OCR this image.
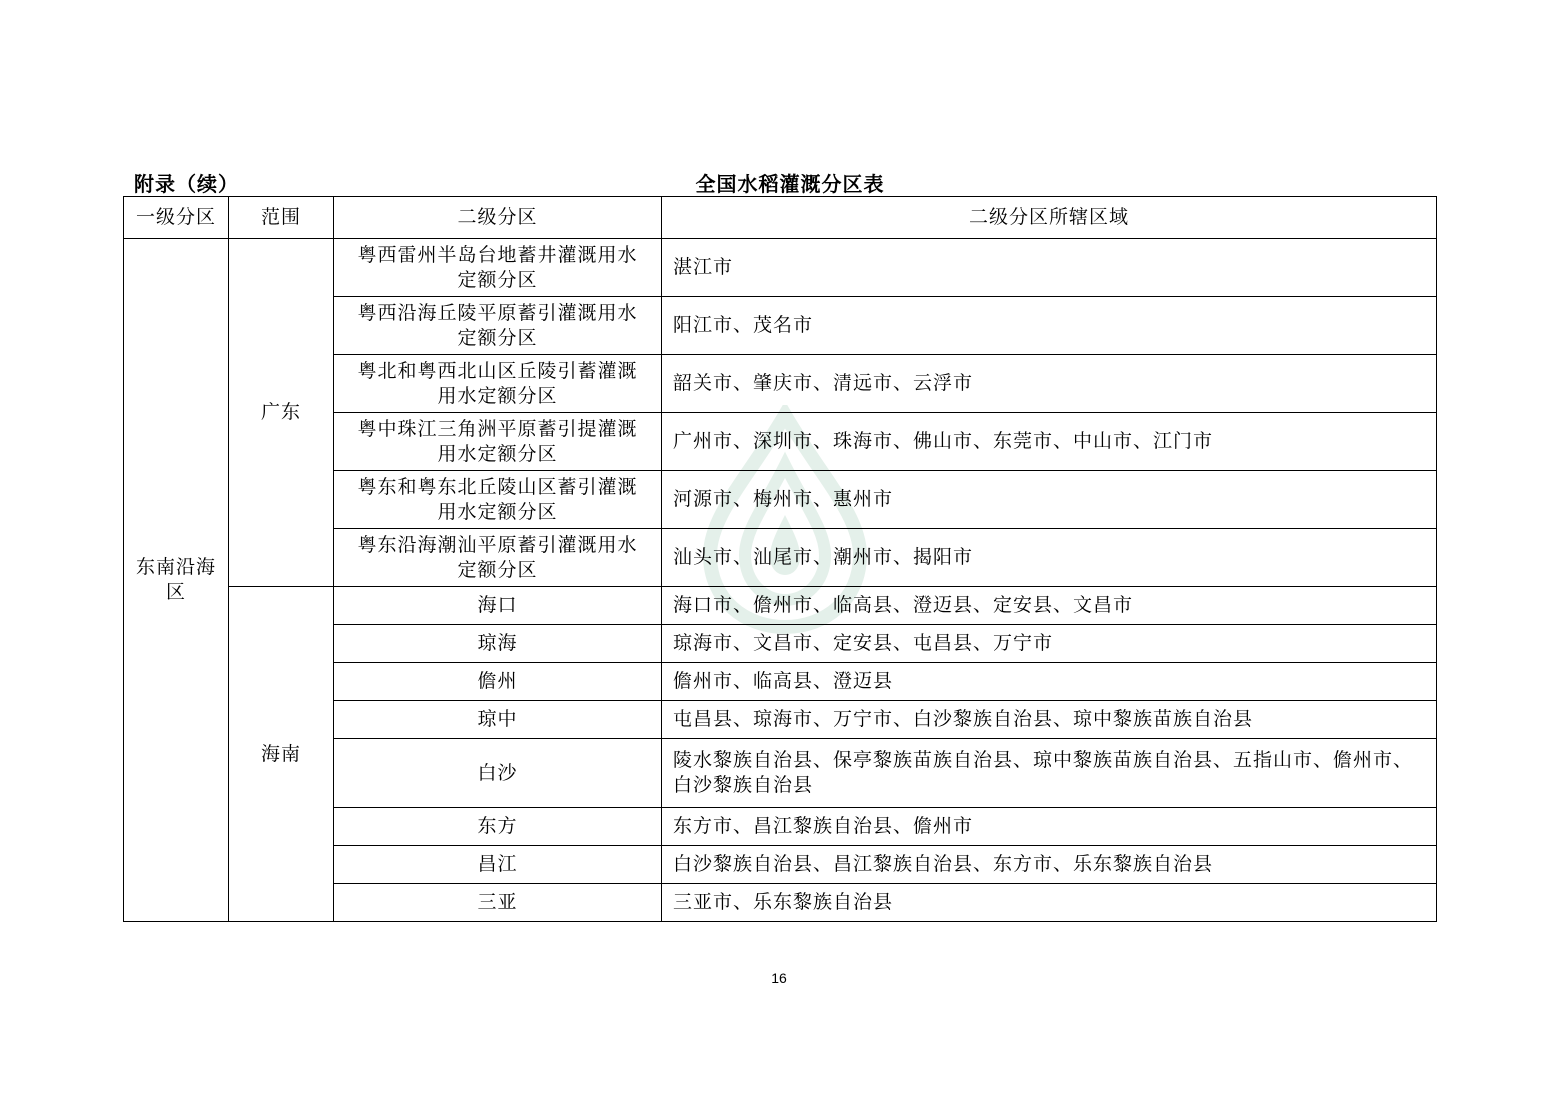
附录（续）	全国水稻灌溉分区表
一级分区	范围	二级分区	二级分区所辖区域
东南沿海区	广东	粤西雷州半岛台地蓄井灌溉用水定额分区	湛江市
		粤西沿海丘陵平原蓄引灌溉用水定额分区	阳江市、茂名市
		粤北和粤西北山区丘陵引蓄灌溉用水定额分区	韶关市、肇庆市、清远市、云浮市
		粤中珠江三角洲平原蓄引提灌溉用水定额分区	广州市、深圳市、珠海市、佛山市、东莞市、中山市、江门市
		粤东和粤东北丘陵山区蓄引灌溉用水定额分区	河源市、梅州市、惠州市
		粤东沿海潮汕平原蓄引灌溉用水定额分区	汕头市、汕尾市、潮州市、揭阳市
	海南	海口	海口市、儋州市、临高县、澄迈县、定安县、文昌市
		琼海	琼海市、文昌市、定安县、屯昌县、万宁市
		儋州	儋州市、临高县、澄迈县
		琼中	屯昌县、琼海市、万宁市、白沙黎族自治县、琼中黎族苗族自治县
		白沙	陵水黎族自治县、保亭黎族苗族自治县、琼中黎族苗族自治县、五指山市、儋州市、白沙黎族自治县
		东方	东方市、昌江黎族自治县、儋州市
		昌江	白沙黎族自治县、昌江黎族自治县、东方市、乐东黎族自治县
		三亚	三亚市、乐东黎族自治县
16
